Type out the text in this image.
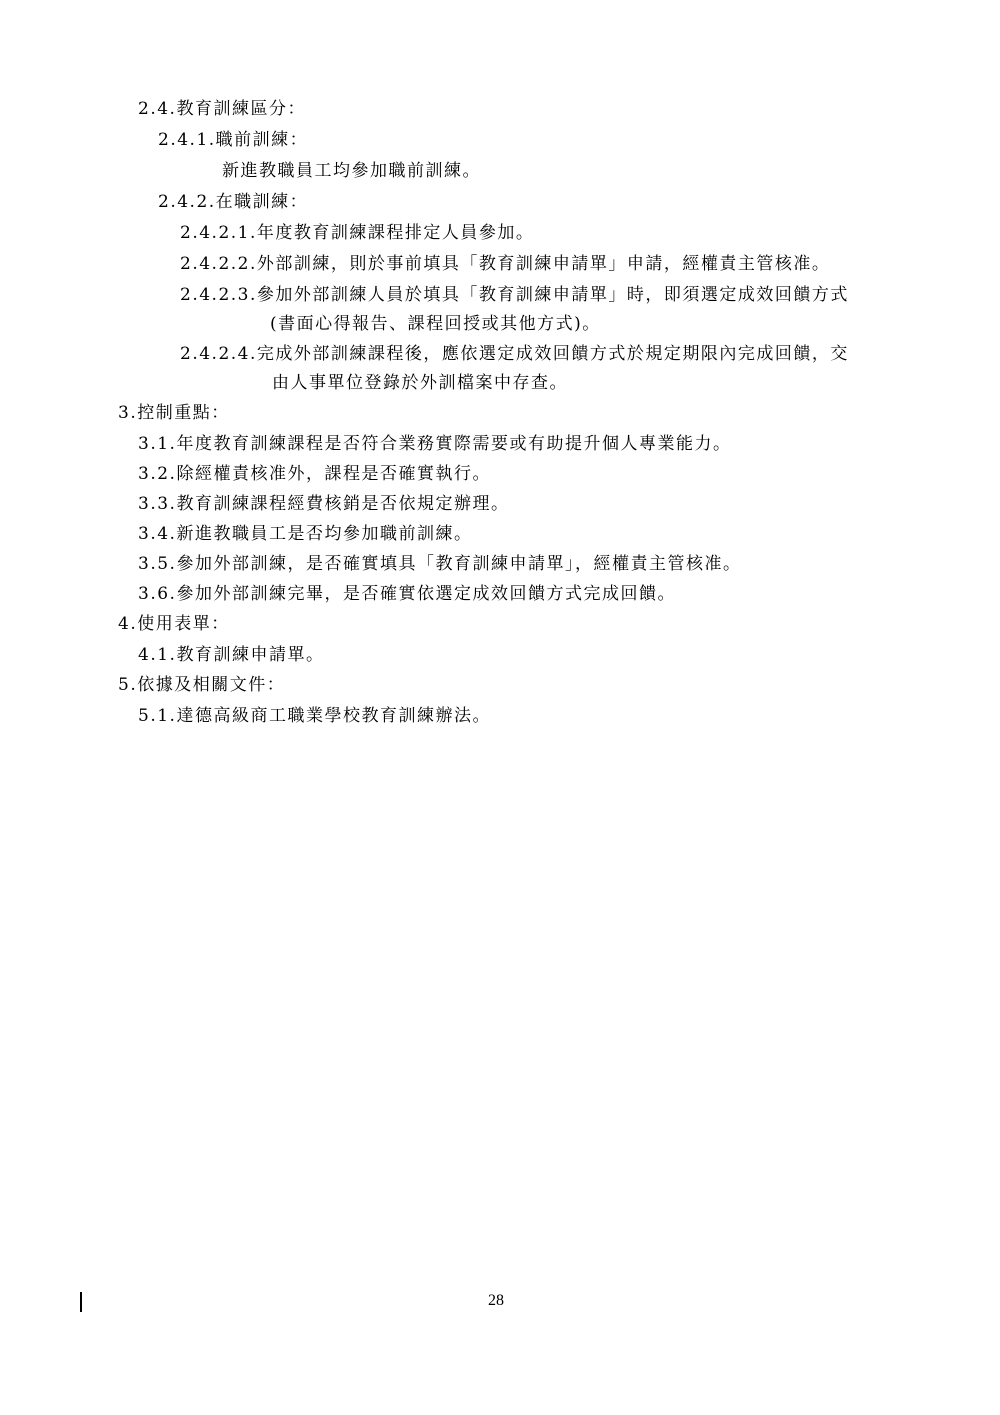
2.4.教育訓練區分：
2.4.1.職前訓練：
新進教職員工均參加職前訓練。
2.4.2.在職訓練：
2.4.2.1.年度教育訓練課程排定人員參加。
2.4.2.2.外部訓練，則於事前填具「教育訓練申請單」申請，經權責主管核准。
2.4.2.3.參加外部訓練人員於填具「教育訓練申請單」時，即須選定成效回饋方式
(書面心得報告、課程回授或其他方式)。
2.4.2.4.完成外部訓練課程後，應依選定成效回饋方式於規定期限內完成回饋，交
由人事單位登錄於外訓檔案中存查。
3.控制重點：
3.1.年度教育訓練課程是否符合業務實際需要或有助提升個人專業能力。
3.2.除經權責核准外，課程是否確實執行。
3.3.教育訓練課程經費核銷是否依規定辦理。
3.4.新進教職員工是否均參加職前訓練。
3.5.參加外部訓練，是否確實填具「教育訓練申請單」，經權責主管核准。
3.6.參加外部訓練完畢，是否確實依選定成效回饋方式完成回饋。
4.使用表單：
4.1.教育訓練申請單。
5.依據及相關文件：
5.1.達德高級商工職業學校教育訓練辦法。
28
